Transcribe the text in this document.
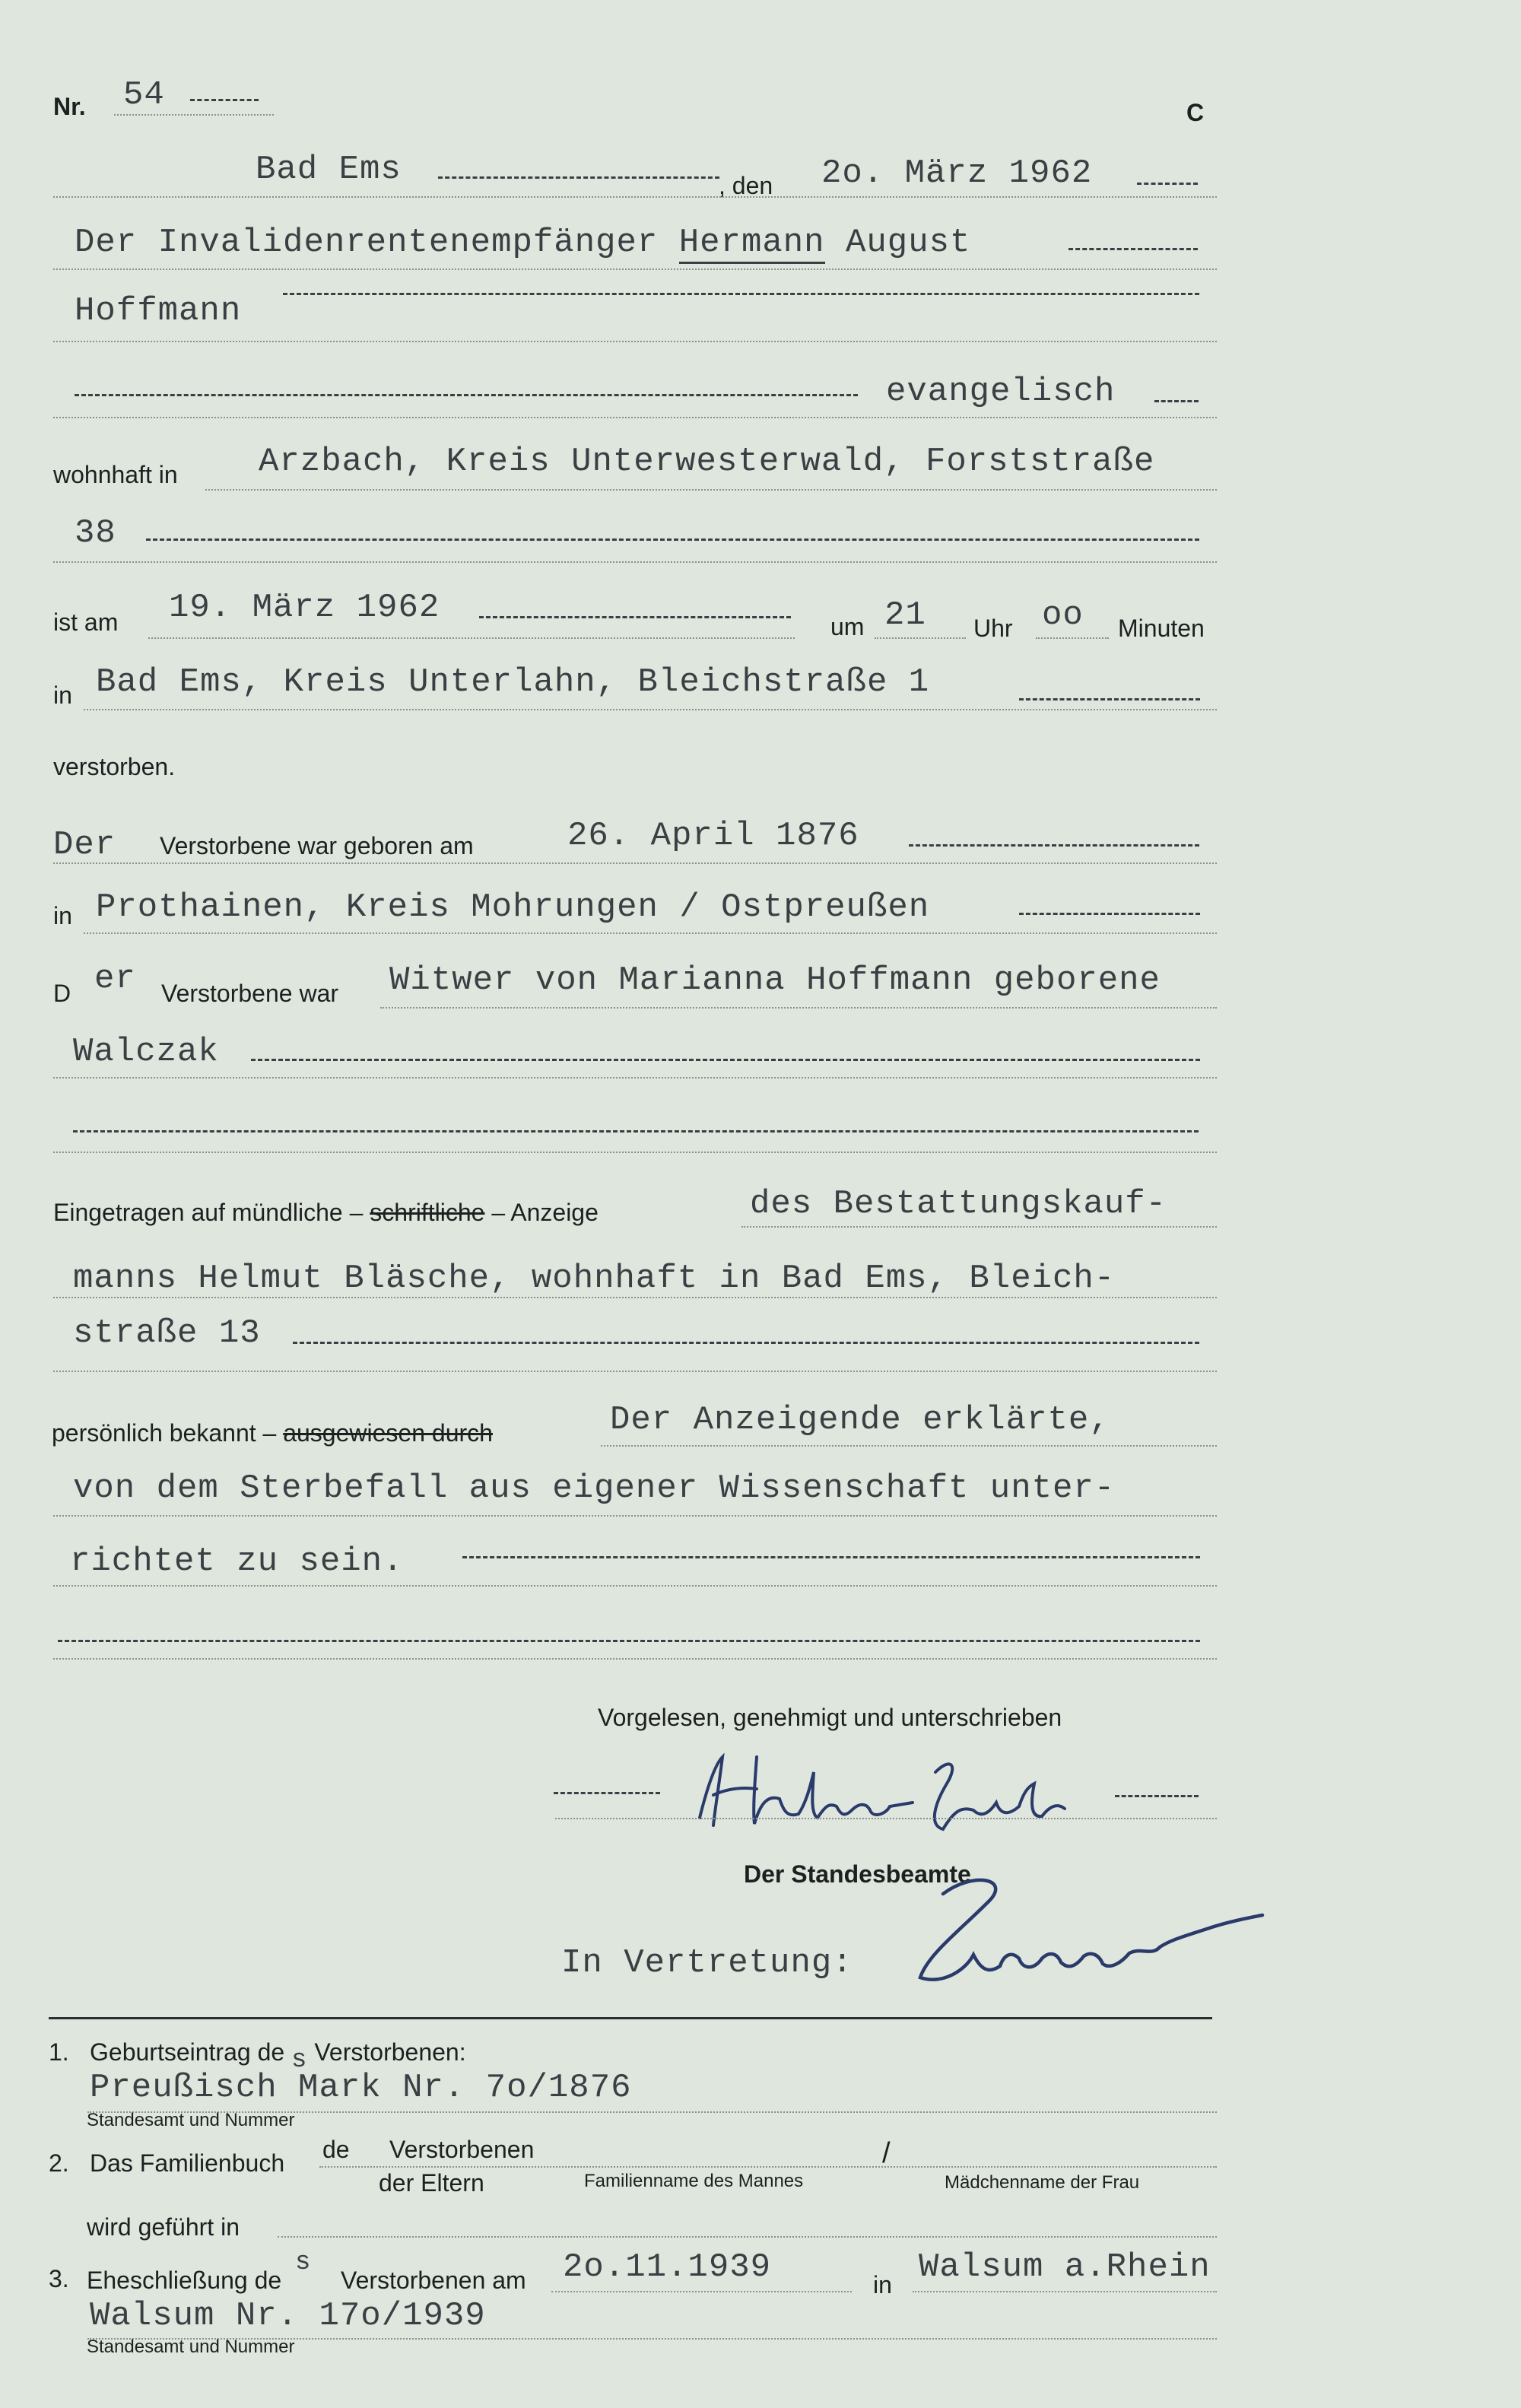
Nr. 54	C
Bad Ems	, den 2o. März 1962
Der Invalidenrentenempfänger Hermann August
Hoffmann
evangelisch
wohnhaft in Arzbach, Kreis Unterwesterwald, Forststraße
38
ist am 19. März 1962	um 21 Uhr oo Minuten
in Bad Ems, Kreis Unterlahn, Bleichstraße 1
verstorben.
Der Verstorbene war geboren am	26. April 1876
in Prothainen, Kreis Mohrungen / Ostpreußen
D er Verstorbene war Witwer von Marianna Hoffmann geborene
Walczak
Eingetragen auf mündliche – schriftliche – Anzeige	des Bestattungskauf-
manns Helmut Bläsche, wohnhaft in Bad Ems, Bleich-
straße 13
persönlich bekannt – ausgewiesen durch	Der Anzeigende erklärte,
von dem Sterbefall aus eigener Wissenschaft unter-
richtet zu sein.
Vorgelesen, genehmigt und unterschrieben
Der Standesbeamte
In Vertretung:
1. Geburtseintrag de s Verstorbenen:
Preußisch Mark Nr. 7o/1876
Standesamt und Nummer
2. Das Familienbuch de Verstorbenen
der Eltern
/
Familienname des Mannes	Mädchenname der Frau
wird geführt in
3. Eheschließung de
s
Verstorbenen am 2o.11.1939	in Walsum a.Rhein
Walsum Nr. 17o/1939
Standesamt und Nummer
